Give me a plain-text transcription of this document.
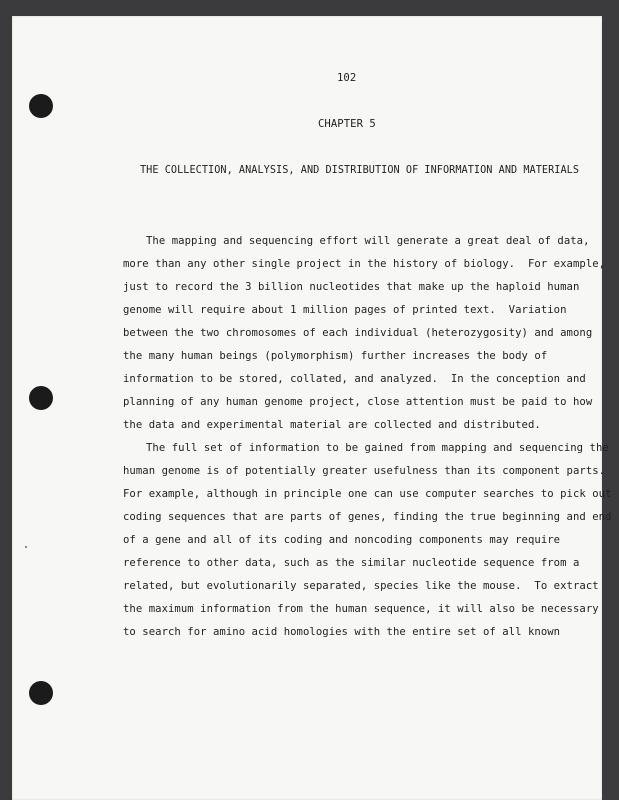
102
CHAPTER 5
THE COLLECTION, ANALYSIS, AND DISTRIBUTION OF INFORMATION AND MATERIALS
The mapping and sequencing effort will generate a great deal of data,
more than any other single project in the history of biology.  For example,
just to record the 3 billion nucleotides that make up the haploid human
genome will require about 1 million pages of printed text.  Variation
between the two chromosomes of each individual (heterozygosity) and among
the many human beings (polymorphism) further increases the body of
information to be stored, collated, and analyzed.  In the conception and
planning of any human genome project, close attention must be paid to how
the data and experimental material are collected and distributed.
The full set of information to be gained from mapping and sequencing the
human genome is of potentially greater usefulness than its component parts.
For example, although in principle one can use computer searches to pick out
coding sequences that are parts of genes, finding the true beginning and end
of a gene and all of its coding and noncoding components may require
reference to other data, such as the similar nucleotide sequence from a
related, but evolutionarily separated, species like the mouse.  To extract
the maximum information from the human sequence, it will also be necessary
to search for amino acid homologies with the entire set of all known
